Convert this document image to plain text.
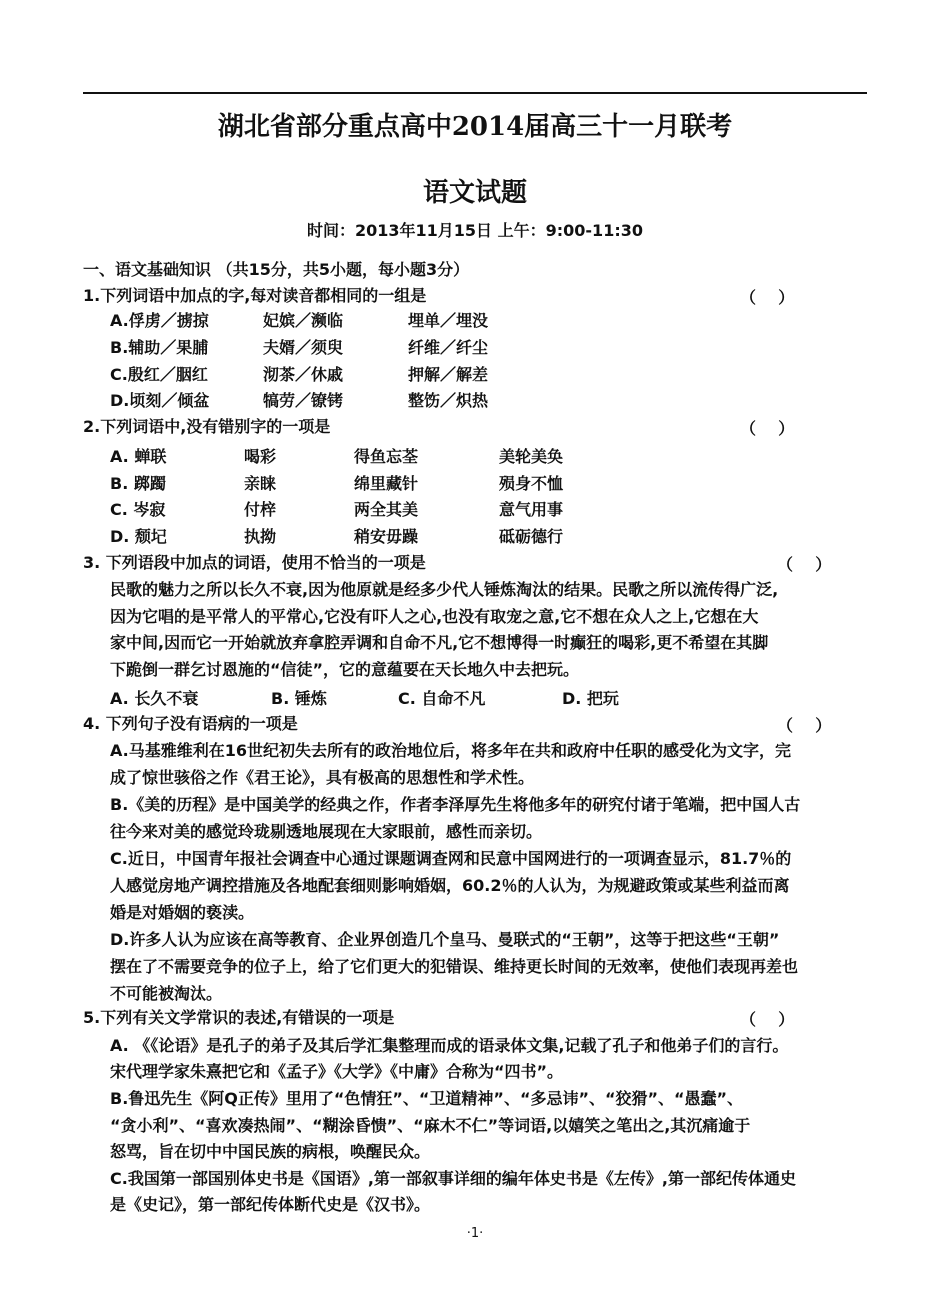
湖北省部分重点高中2014届高三十一月联考
语文试题
时间：2013年11月15日 上午：9:00-11:30
一、语文基础知识 （共15分，共5小题，每小题3分）
1.下列词语中加点的字,每对读音都相同的一组是	（    ）
A.俘虏／掳掠	妃嫔／濒临	埋单／埋没
B.辅助／果脯	夫婿／须臾	纤维／纤尘
C.殷红／胭红	沏茶／休戚	押解／解差
D.顷刻／倾盆	犒劳／镣铐	整饬／炽热
2.下列词语中,没有错别字的一项是	（    ）
A. 蝉联	喝彩	得鱼忘荃	美轮美奂
B. 踯躅	亲睐	绵里藏针	殒身不恤
C. 岑寂	付梓	两全其美	意气用事
D. 颓圮	执拗	稍安毋躁	砥砺德行
3. 下列语段中加点的词语，使用不恰当的一项是	（    ）
民歌的魅力之所以长久不衰,因为他原就是经多少代人锤炼淘汰的结果。民歌之所以流传得广泛,
因为它唱的是平常人的平常心,它没有吓人之心,也没有取宠之意,它不想在众人之上,它想在大
家中间,因而它一开始就放弃拿腔弄调和自命不凡,它不想博得一时癫狂的喝彩,更不希望在其脚
下跪倒一群乞讨恩施的“信徒”，它的意蕴要在天长地久中去把玩。
A. 长久不衰	B. 锤炼	C. 自命不凡	D. 把玩
4. 下列句子没有语病的一项是	（    ）
A.马基雅维利在16世纪初失去所有的政治地位后，将多年在共和政府中任职的感受化为文字，完
成了惊世骇俗之作《君王论》，具有极高的思想性和学术性。
B.《美的历程》是中国美学的经典之作，作者李泽厚先生将他多年的研究付诸于笔端，把中国人古
往今来对美的感觉玲珑剔透地展现在大家眼前，感性而亲切。
C.近日，中国青年报社会调查中心通过课题调查网和民意中国网进行的一项调查显示，81.7％的
人感觉房地产调控措施及各地配套细则影响婚姻，60.2％的人认为，为规避政策或某些利益而离
婚是对婚姻的亵渎。
D.许多人认为应该在高等教育、企业界创造几个皇马、曼联式的“王朝”，这等于把这些“王朝”
摆在了不需要竞争的位子上，给了它们更大的犯错误、维持更长时间的无效率，使他们表现再差也
不可能被淘汰。
5.下列有关文学常识的表述,有错误的一项是	（    ）
A. 《《论语》是孔子的弟子及其后学汇集整理而成的语录体文集,记载了孔子和他弟子们的言行。
宋代理学家朱熹把它和《孟子》《大学》《中庸》合称为“四书”。
B.鲁迅先生《阿Q正传》里用了“色情狂”、“卫道精神”、“多忌讳”、“狡猾”、“愚蠢”、
“贪小利”、“喜欢凑热闹”、“糊涂昏愦”、“麻木不仁”等词语,以嬉笑之笔出之,其沉痛逾于
怒骂，旨在切中中国民族的病根，唤醒民众。
C.我国第一部国别体史书是《国语》,第一部叙事详细的编年体史书是《左传》,第一部纪传体通史
是《史记》，第一部纪传体断代史是《汉书》。
·1·
